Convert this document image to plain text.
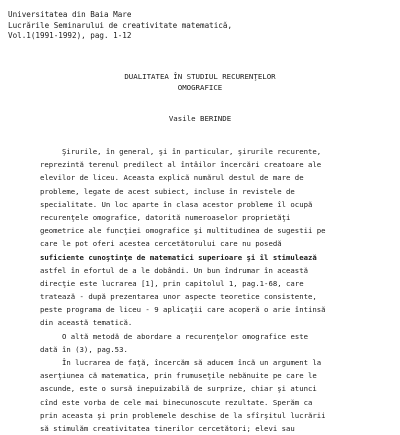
Universitatea din Baia Mare
Lucrările Seminarului de creativitate matematică,
Vol.1(1991-1992), pag. 1-12
DUALITATEA ÎN STUDIUL RECURENŢELOR
OMOGRAFICE
Vasile BERINDE
Şirurile, în general, şi în particular, şirurile recurente,
reprezintă terenul predilect al întâilor încercări creatoare ale
elevilor de liceu. Aceasta explică numărul destul de mare de
probleme, legate de acest subiect, incluse în revistele de
specialitate. Un loc aparte în clasa acestor probleme îl ocupă
recurenţele omografice, datorită numeroaselor proprietăţi
geometrice ale funcţiei omografice şi multitudinea de sugestii pe
care le pot oferi acestea cercetătorului care nu posedă
suficiente cunoştinţe de matematici superioare şi îl stimulează
astfel în efortul de a le dobândi. Un bun îndrumar în această
direcţie este lucrarea [1], prin capitolul 1, pag.1-68, care
tratează - după prezentarea unor aspecte teoretice consistente,
peste programa de liceu - 9 aplicaţii care acoperă o arie întinsă
din această tematică.
O altă metodă de abordare a recurenţelor omografice este
dată în (3), pag.53.
În lucrarea de faţă, încercăm să aducem încă un argument la
aserţiunea că matematica, prin frumuseţile nebănuite pe care le
ascunde, este o sursă inepuizabilă de surprize, chiar şi atunci
cînd este vorba de cele mai binecunoscute rezultate. Sperăm ca
prin aceasta şi prin problemele deschise de la sfîrşitul lucrării
să stimulăm creativitatea tinerilor cercetători; elevi sau
